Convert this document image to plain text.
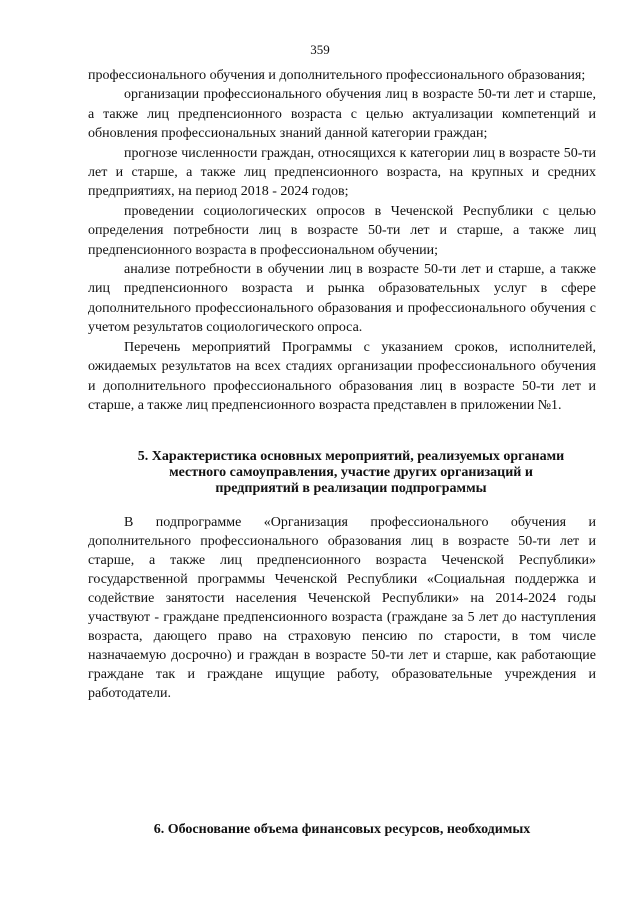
359

профессионального обучения и дополнительного профессионального образования;

организации профессионального обучения лиц в возрасте 50-ти лет и старше, а также лиц предпенсионного возраста с целью актуализации компетенций и обновления профессиональных знаний данной категории граждан;

прогнозе численности граждан, относящихся к категории лиц в возрасте 50-ти лет и старше, а также лиц предпенсионного возраста, на крупных и средних предприятиях, на период 2018 - 2024 годов;

проведении социологических опросов в Чеченской Республики с целью определения потребности лиц в возрасте 50-ти лет и старше, а также лиц предпенсионного возраста в профессиональном обучении;

анализе потребности в обучении лиц в возрасте 50-ти лет и старше, а также лиц предпенсионного возраста и рынка образовательных услуг в сфере дополнительного профессионального образования и профессионального обучения с учетом результатов социологического опроса.

Перечень мероприятий Программы с указанием сроков, исполнителей, ожидаемых результатов на всех стадиях организации профессионального обучения и дополнительного профессионального образования лиц в возрасте 50-ти лет и старше, а также лиц предпенсионного возраста представлен в приложении №1.

5. Характеристика основных мероприятий, реализуемых органами
местного самоуправления, участие других организаций и
предприятий в реализации подпрограммы

В подпрограмме «Организация профессионального обучения и дополнительного профессионального образования лиц в возрасте 50-ти лет и старше, а также лиц предпенсионного возраста Чеченской Республики» государственной программы Чеченской Республики «Социальная поддержка и содействие занятости населения Чеченской Республики» на 2014-2024 годы участвуют - граждане предпенсионного возраста (граждане за 5 лет до наступления возраста, дающего право на страховую пенсию по старости, в том числе назначаемую досрочно) и граждан в возрасте 50-ти лет и старше, как работающие граждане так и граждане ищущие работу, образовательные учреждения и работодатели.

6. Обоснование объема финансовых ресурсов, необходимых
